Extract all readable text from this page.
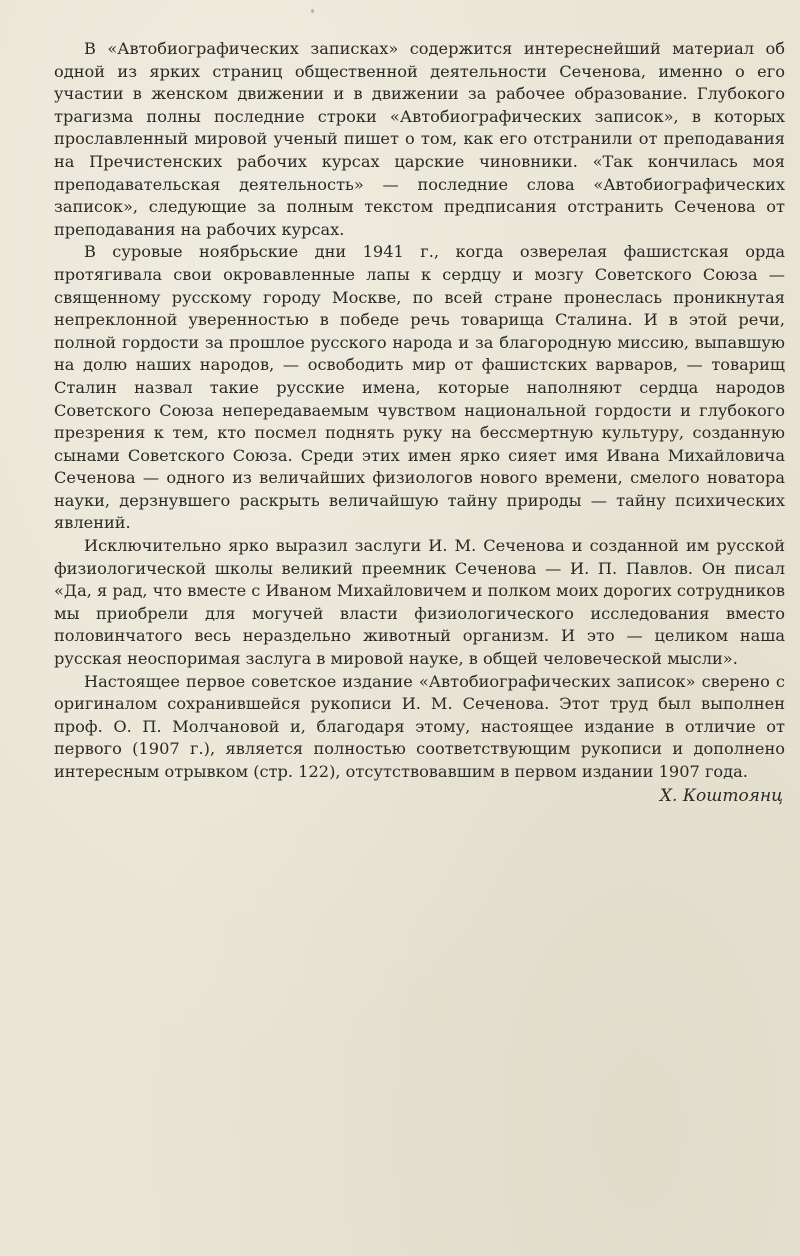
В «Автобиографических записках» содержится интереснейший материал об одной из ярких страниц общественной деятельности Сеченова, именно о его участии в женском движении и в движении за рабочее образование. Глубокого трагизма полны последние строки «Автобиографических записок», в которых прославленный мировой ученый пишет о том, как его отстранили от преподавания на Пречистенских рабочих курсах царские чиновники. «Так кончилась моя преподавательская деятельность» — последние слова «Автобиографических записок», следующие за полным текстом предписания отстранить Сеченова от преподавания на рабочих курсах.

В суровые ноябрьские дни 1941 г., когда озверелая фашистская орда протягивала свои окровавленные лапы к сердцу и мозгу Советского Союза — священному русскому городу Москве, по всей стране пронеслась проникнутая непреклонной уверенностью в победе речь товарища Сталина. И в этой речи, полной гордости за прошлое русского народа и за благородную миссию, выпавшую на долю наших народов, — освободить мир от фашистских варваров, — товарищ Сталин назвал такие русские имена, которые наполняют сердца народов Советского Союза непередаваемым чувством национальной гордости и глубокого презрения к тем, кто посмел поднять руку на бессмертную культуру, созданную сынами Советского Союза. Среди этих имен ярко сияет имя Ивана Михайловича Сеченова — одного из величайших физиологов нового времени, смелого новатора науки, дерзнувшего раскрыть величайшую тайну природы — тайну психических явлений.

Исключительно ярко выразил заслуги И. М. Сеченова и созданной им русской физиологической школы великий преемник Сеченова — И. П. Павлов. Он писал «Да, я рад, что вместе с Иваном Михайловичем и полком моих дорогих сотрудников мы приобрели для могучей власти физиологического исследования вместо половинчатого весь нераздельно животный организм. И это — целиком наша русская неоспоримая заслуга в мировой науке, в общей человеческой мысли».

Настоящее первое советское издание «Автобиографических записок» сверено с оригиналом сохранившейся рукописи И. М. Сеченова. Этот труд был выполнен проф. О. П. Молчановой и, благодаря этому, настоящее издание в отличие от первого (1907 г.), является полностью соответствующим рукописи и дополнено интересным отрывком (стр. 122), отсутствовавшим в первом издании 1907 года.

Х. Коштоянц
